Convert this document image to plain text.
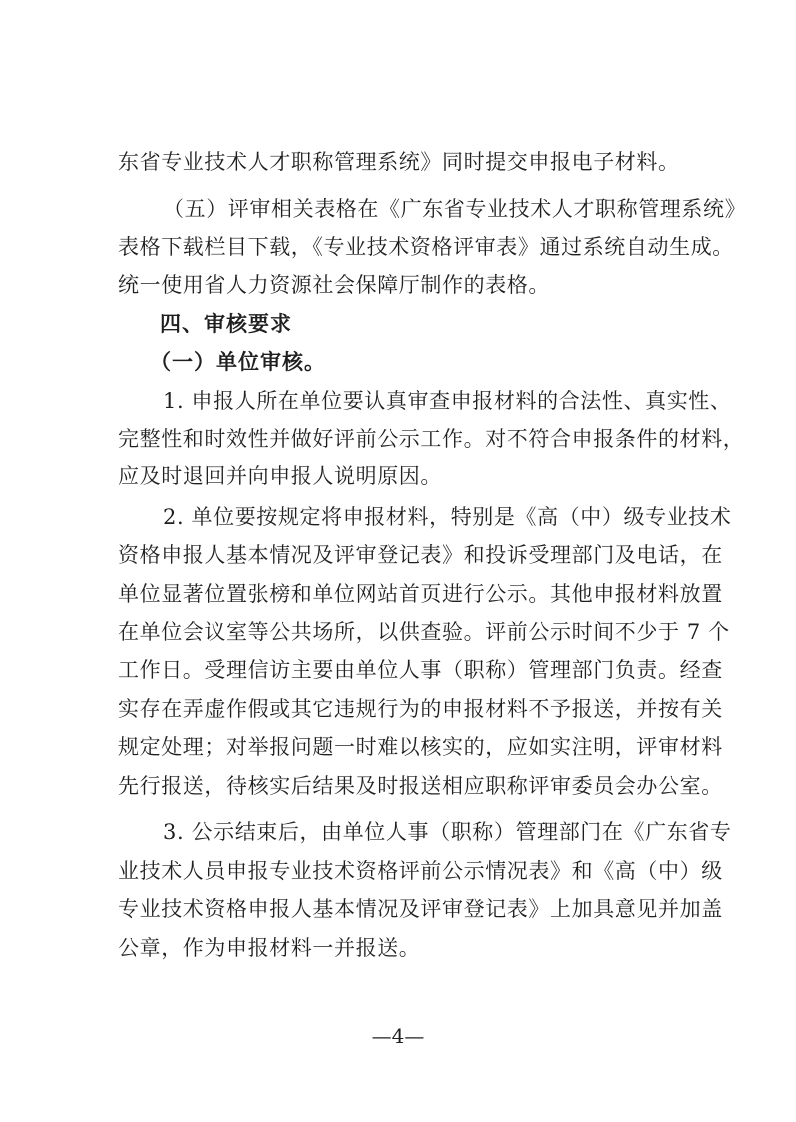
东省专业技术人才职称管理系统》同时提交申报电子材料。
（五）评审相关表格在《广东省专业技术人才职称管理系统》
表格下载栏目下载，《专业技术资格评审表》通过系统自动生成。
统一使用省人力资源社会保障厅制作的表格。
四、审核要求
（一）单位审核。
1. 申报人所在单位要认真审查申报材料的合法性、真实性、
完整性和时效性并做好评前公示工作。对不符合申报条件的材料，
应及时退回并向申报人说明原因。
2. 单位要按规定将申报材料，特别是《高（中）级专业技术
资格申报人基本情况及评审登记表》和投诉受理部门及电话，在
单位显著位置张榜和单位网站首页进行公示。其他申报材料放置
在单位会议室等公共场所，以供查验。评前公示时间不少于 7 个
工作日。受理信访主要由单位人事（职称）管理部门负责。经查
实存在弄虚作假或其它违规行为的申报材料不予报送，并按有关
规定处理；对举报问题一时难以核实的，应如实注明，评审材料
先行报送，待核实后结果及时报送相应职称评审委员会办公室。
3. 公示结束后，由单位人事（职称）管理部门在《广东省专
业技术人员申报专业技术资格评前公示情况表》和《高（中）级
专业技术资格申报人基本情况及评审登记表》上加具意见并加盖
公章，作为申报材料一并报送。
—4—
